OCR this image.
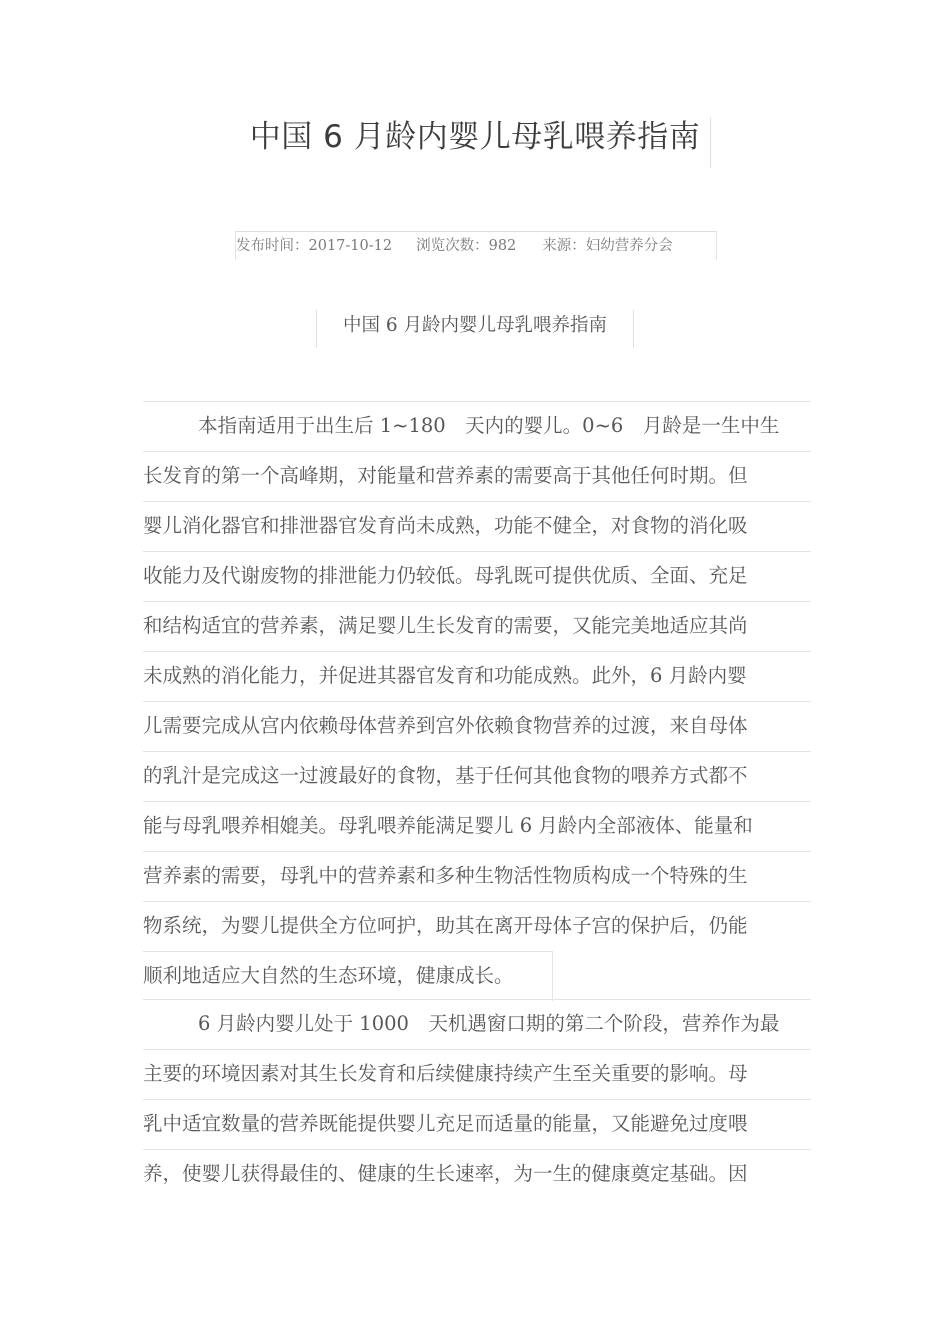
中国 6 月龄内婴儿母乳喂养指南
发布时间：2017-10-12 浏览次数：982 来源：妇幼营养分会
中国 6 月龄内婴儿母乳喂养指南
本指南适用于出生后 1~180　天内的婴儿。0~6　月龄是一生中生
长发育的第一个高峰期，对能量和营养素的需要高于其他任何时期。但
婴儿消化器官和排泄器官发育尚未成熟，功能不健全，对食物的消化吸
收能力及代谢废物的排泄能力仍较低。母乳既可提供优质、全面、充足
和结构适宜的营养素，满足婴儿生长发育的需要，又能完美地适应其尚
未成熟的消化能力，并促进其器官发育和功能成熟。此外，6 月龄内婴
儿需要完成从宫内依赖母体营养到宫外依赖食物营养的过渡，来自母体
的乳汁是完成这一过渡最好的食物，基于任何其他食物的喂养方式都不
能与母乳喂养相媲美。母乳喂养能满足婴儿 6 月龄内全部液体、能量和
营养素的需要，母乳中的营养素和多种生物活性物质构成一个特殊的生
物系统，为婴儿提供全方位呵护，助其在离开母体子宫的保护后，仍能
顺利地适应大自然的生态环境，健康成长。
6 月龄内婴儿处于 1000　天机遇窗口期的第二个阶段，营养作为最
主要的环境因素对其生长发育和后续健康持续产生至关重要的影响。母
乳中适宜数量的营养既能提供婴儿充足而适量的能量，又能避免过度喂
养，使婴儿获得最佳的、健康的生长速率，为一生的健康奠定基础。因
